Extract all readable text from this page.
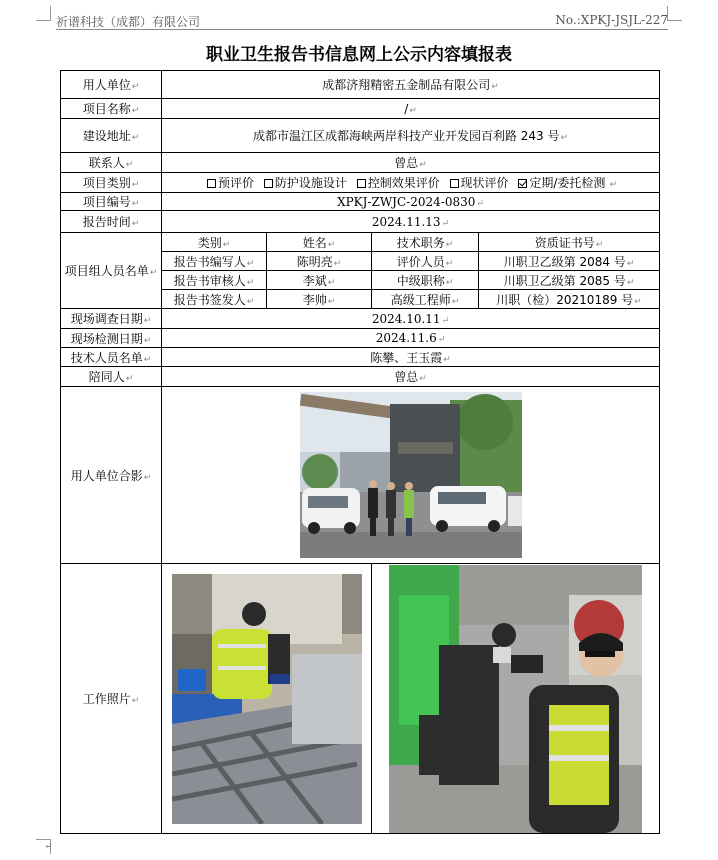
祈谱科技（成都）有限公司	No.:XPKJ-JSJL-227
职业卫生报告书信息网上公示内容填报表
用人单位↵	成都济翔精密五金制品有限公司↵			
项目名称↵	/↵			
建设地址↵	成都市温江区成都海峡两岸科技产业开发园百利路 243 号↵			
联系人↵	曾总↵			
项目类别↵	预评价 防护设施设计 控制效果评价 现状评价 定期/委托检测 ↵			
项目编号↵	XPKJ-ZWJC-2024-0830↵			
报告时间↵	2024.11.13↵			
项目组人员名单↵	类别↵	姓名↵	技术职务↵	资质证书号↵
	报告书编写人↵	陈明亮↵	评价人员↵	川职卫乙级第 2084 号↵
	报告书审核人↵	李斌↵	中级职称↵	川职卫乙级第 2085 号↵
	报告书签发人↵	李帅↵	高级工程师↵	川职（检）20210189 号↵
现场调查日期↵	2024.10.11↵			
现场检测日期↵	2024.11.6↵			
技术人员名单↵	陈攀、王玉霞↵			
陪同人↵	曾总↵			
用人单位合影↵	

工作照片↵	

↵
